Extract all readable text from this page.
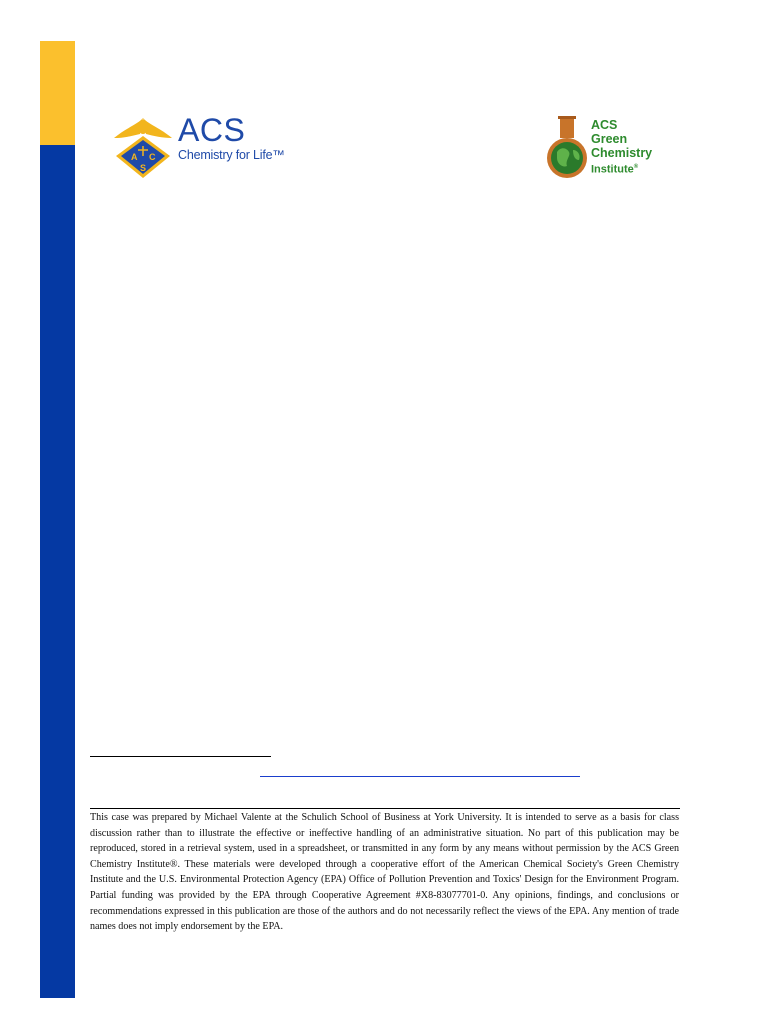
A C
S
ACS
Chemistry for Life™
ACS
Green
Chemistry
Institute®
This case was prepared by Michael Valente at the Schulich School of Business at York University. It is intended to serve as a basis for class discussion rather than to illustrate the effective or ineffective handling of an administrative situation. No part of this publication may be reproduced, stored in a retrieval system, used in a spreadsheet, or transmitted in any form by any means without permission by the ACS Green Chemistry Institute®. These materials were developed through a cooperative effort of the American Chemical Society's Green Chemistry Institute and the U.S. Environmental Protection Agency (EPA) Office of Pollution Prevention and Toxics' Design for the Environment Program. Partial funding was provided by the EPA through Cooperative Agreement #X8-83077701-0. Any opinions, findings, and conclusions or recommendations expressed in this publication are those of the authors and do not necessarily reflect the views of the EPA. Any mention of trade names does not imply endorsement by the EPA.
